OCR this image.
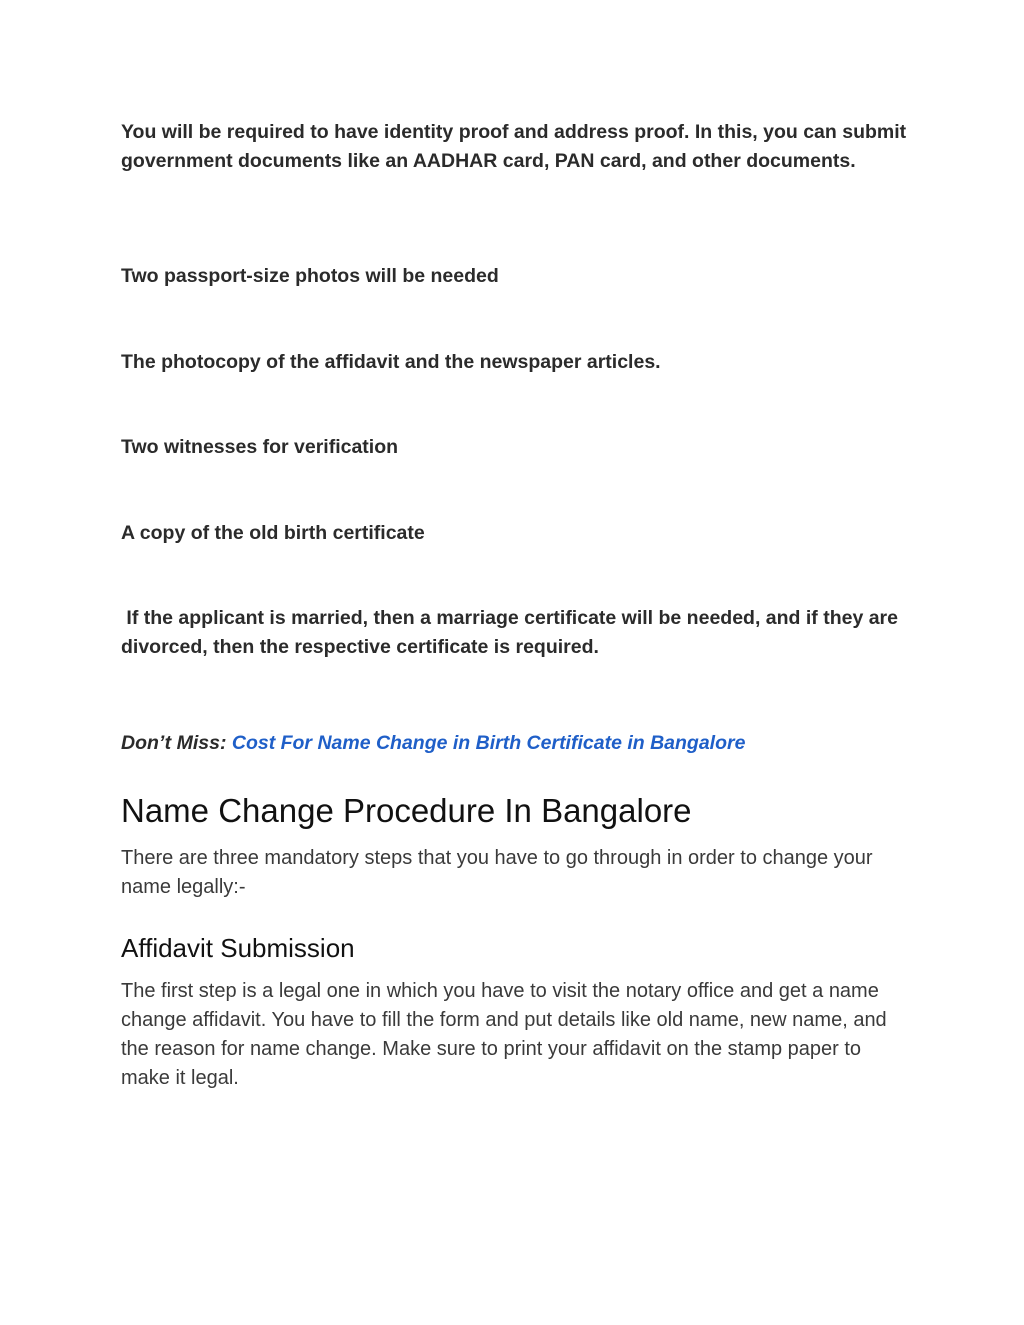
You will be required to have identity proof and address proof. In this, you can submit government documents like an AADHAR card, PAN card, and other documents.

Two passport-size photos will be needed

The photocopy of the affidavit and the newspaper articles.

Two witnesses for verification

A copy of the old birth certificate

If the applicant is married, then a marriage certificate will be needed, and if they are divorced, then the respective certificate is required.

Don’t Miss: Cost For Name Change in Birth Certificate in Bangalore

Name Change Procedure In Bangalore

There are three mandatory steps that you have to go through in order to change your name legally:-

Affidavit Submission

The first step is a legal one in which you have to visit the notary office and get a name change affidavit. You have to fill the form and put details like old name, new name, and the reason for name change. Make sure to print your affidavit on the stamp paper to make it legal.
